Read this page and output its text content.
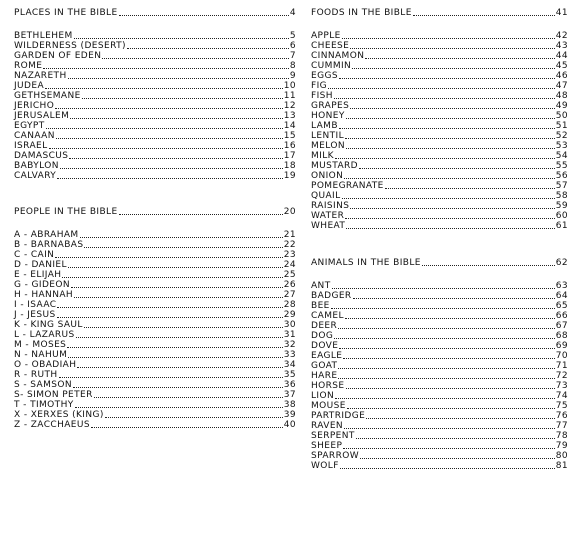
PLACES IN THE BIBLE	4
BETHLEHEM	5
WILDERNESS (DESERT)	6
GARDEN OF EDEN	7
ROME	8
NAZARETH	9
JUDEA	10
GETHSEMANE	11
JERICHO	12
JERUSALEM	13
EGYPT	14
CANAAN	15
ISRAEL	16
DAMASCUS	17
BABYLON	18
CALVARY	19
PEOPLE IN THE BIBLE	20
A - ABRAHAM	21
B - BARNABAS	22
C - CAIN	23
D - DANIEL	24
E - ELIJAH	25
G - GIDEON	26
H - HANNAH	27
I - ISAAC	28
J - JESUS	29
K - KING SAUL	30
L - LAZARUS	31
M - MOSES	32
N - NAHUM	33
O - OBADIAH	34
R - RUTH	35
S - SAMSON	36
S- SIMON PETER	37
T - TIMOTHY	38
X - XERXES (KING)	39
Z - ZACCHAEUS	40
FOODS IN THE BIBLE	41
APPLE	42
CHEESE	43
CINNAMON	44
CUMMIN	45
EGGS	46
FIG	47
FISH	48
GRAPES	49
HONEY	50
LAMB	51
LENTIL	52
MELON	53
MILK	54
MUSTARD	55
ONION	56
POMEGRANATE	57
QUAIL	58
RAISINS	59
WATER	60
WHEAT	61
ANIMALS IN THE BIBLE	62
ANT	63
BADGER	64
BEE	65
CAMEL	66
DEER	67
DOG	68
DOVE	69
EAGLE	70
GOAT	71
HARE	72
HORSE	73
LION	74
MOUSE	75
PARTRIDGE	76
RAVEN	77
SERPENT	78
SHEEP	79
SPARROW	80
WOLF	81
